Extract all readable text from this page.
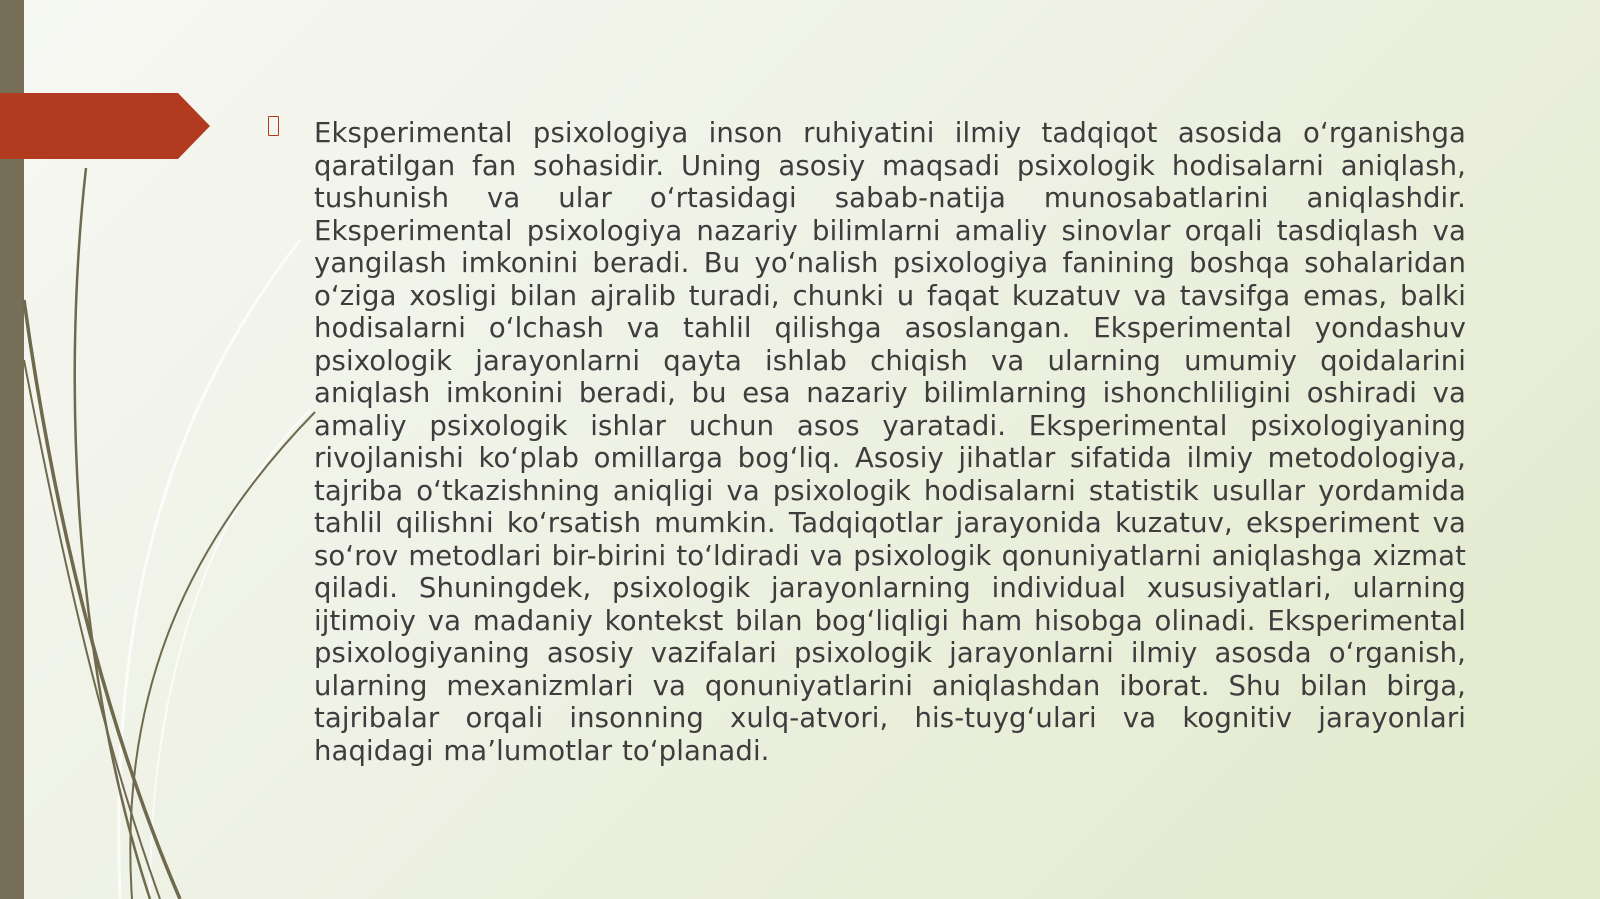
Eksperimental psixologiya inson ruhiyatini ilmiy tadqiqot asosida o‘rganishga qaratilgan fan sohasidir. Uning asosiy maqsadi psixologik hodisalarni aniqlash, tushunish va ular o‘rtasidagi sabab-natija munosabatlarini aniqlashdir. Eksperimental psixologiya nazariy bilimlarni amaliy sinovlar orqali tasdiqlash va yangilash imkonini beradi. Bu yo‘nalish psixologiya fanining boshqa sohalaridan o‘ziga xosligi bilan ajralib turadi, chunki u faqat kuzatuv va tavsifga emas, balki hodisalarni o‘lchash va tahlil qilishga asoslangan. Eksperimental yondashuv psixologik jarayonlarni qayta ishlab chiqish va ularning umumiy qoidalarini aniqlash imkonini beradi, bu esa nazariy bilimlarning ishonchliligini oshiradi va amaliy psixologik ishlar uchun asos yaratadi. Eksperimental psixologiyaning rivojlanishi ko‘plab omillarga bog‘liq. Asosiy jihatlar sifatida ilmiy metodologiya, tajriba o‘tkazishning aniqligi va psixologik hodisalarni statistik usullar yordamida tahlil qilishni ko‘rsatish mumkin. Tadqiqotlar jarayonida kuzatuv, eksperiment va so‘rov metodlari bir-birini to‘ldiradi va psixologik qonuniyatlarni aniqlashga xizmat qiladi. Shuningdek, psixologik jarayonlarning individual xususiyatlari, ularning ijtimoiy va madaniy kontekst bilan bog‘liqligi ham hisobga olinadi. Eksperimental psixologiyaning asosiy vazifalari psixologik jarayonlarni ilmiy asosda o‘rganish, ularning mexanizmlari va qonuniyatlarini aniqlashdan iborat. Shu bilan birga, tajribalar orqali insonning xulq-atvori, his-tuyg‘ulari va kognitiv jarayonlari haqidagi ma’lumotlar to‘planadi.
